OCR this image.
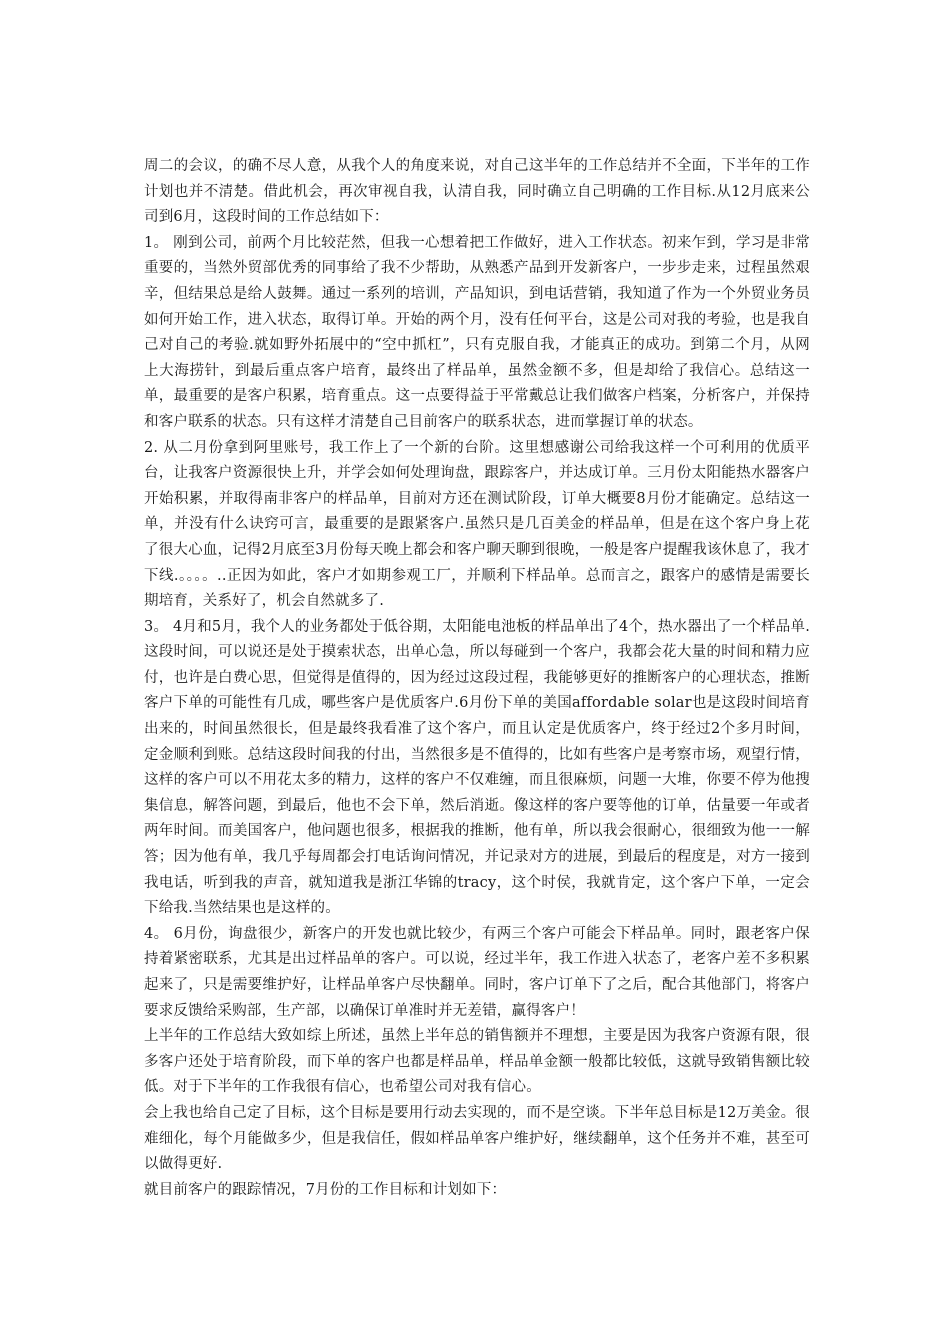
周二的会议，的确不尽人意，从我个人的角度来说，对自己这半年的工作总结并不全面，下半年的工作计划也并不清楚。借此机会，再次审视自我，认清自我，同时确立自己明确的工作目标.从12月底来公司到6月，这段时间的工作总结如下：

1。 刚到公司，前两个月比较茫然，但我一心想着把工作做好，进入工作状态。初来乍到，学习是非常重要的，当然外贸部优秀的同事给了我不少帮助，从熟悉产品到开发新客户，一步步走来，过程虽然艰辛，但结果总是给人鼓舞。通过一系列的培训，产品知识，到电话营销，我知道了作为一个外贸业务员如何开始工作，进入状态，取得订单。开始的两个月，没有任何平台，这是公司对我的考验，也是我自己对自己的考验.就如野外拓展中的“空中抓杠”，只有克服自我，才能真正的成功。到第二个月，从网上大海捞针，到最后重点客户培育，最终出了样品单，虽然金额不多，但是却给了我信心。总结这一单，最重要的是客户积累，培育重点。这一点要得益于平常戴总让我们做客户档案，分析客户，并保持和客户联系的状态。只有这样才清楚自己目前客户的联系状态，进而掌握订单的状态。

2. 从二月份拿到阿里账号，我工作上了一个新的台阶。这里想感谢公司给我这样一个可利用的优质平台，让我客户资源很快上升，并学会如何处理询盘，跟踪客户，并达成订单。三月份太阳能热水器客户开始积累，并取得南非客户的样品单，目前对方还在测试阶段，订单大概要8月份才能确定。总结这一单，并没有什么诀窍可言，最重要的是跟紧客户.虽然只是几百美金的样品单，但是在这个客户身上花了很大心血，记得2月底至3月份每天晚上都会和客户聊天聊到很晚，一般是客户提醒我该休息了，我才下线.。。。。..正因为如此，客户才如期参观工厂，并顺利下样品单。总而言之，跟客户的感情是需要长期培育，关系好了，机会自然就多了.

3。 4月和5月，我个人的业务都处于低谷期，太阳能电池板的样品单出了4个，热水器出了一个样品单.这段时间，可以说还是处于摸索状态，出单心急，所以每碰到一个客户，我都会花大量的时间和精力应付，也许是白费心思，但觉得是值得的，因为经过这段过程，我能够更好的推断客户的心理状态，推断客户下单的可能性有几成，哪些客户是优质客户.6月份下单的美国affordable solar也是这段时间培育出来的，时间虽然很长，但是最终我看准了这个客户，而且认定是优质客户，终于经过2个多月时间，定金顺利到账。总结这段时间我的付出，当然很多是不值得的，比如有些客户是考察市场，观望行情，这样的客户可以不用花太多的精力，这样的客户不仅难缠，而且很麻烦，问题一大堆，你要不停为他搜集信息，解答问题，到最后，他也不会下单，然后消逝。像这样的客户要等他的订单，估量要一年或者两年时间。而美国客户，他问题也很多，根据我的推断，他有单，所以我会很耐心，很细致为他一一解答；因为他有单，我几乎每周都会打电话询问情况，并记录对方的进展，到最后的程度是，对方一接到我电话，听到我的声音，就知道我是浙江华锦的tracy，这个时侯，我就肯定，这个客户下单，一定会下给我.当然结果也是这样的。

4。 6月份，询盘很少，新客户的开发也就比较少，有两三个客户可能会下样品单。同时，跟老客户保持着紧密联系，尤其是出过样品单的客户。可以说，经过半年，我工作进入状态了，老客户差不多积累起来了，只是需要维护好，让样品单客户尽快翻单。同时，客户订单下了之后，配合其他部门，将客户要求反馈给采购部，生产部，以确保订单准时并无差错，赢得客户！

上半年的工作总结大致如综上所述，虽然上半年总的销售额并不理想，主要是因为我客户资源有限，很多客户还处于培育阶段，而下单的客户也都是样品单，样品单金额一般都比较低，这就导致销售额比较低。对于下半年的工作我很有信心，也希望公司对我有信心。

会上我也给自己定了目标，这个目标是要用行动去实现的，而不是空谈。下半年总目标是12万美金。很难细化，每个月能做多少，但是我信任，假如样品单客户维护好，继续翻单，这个任务并不难，甚至可以做得更好.

就目前客户的跟踪情况，7月份的工作目标和计划如下：
